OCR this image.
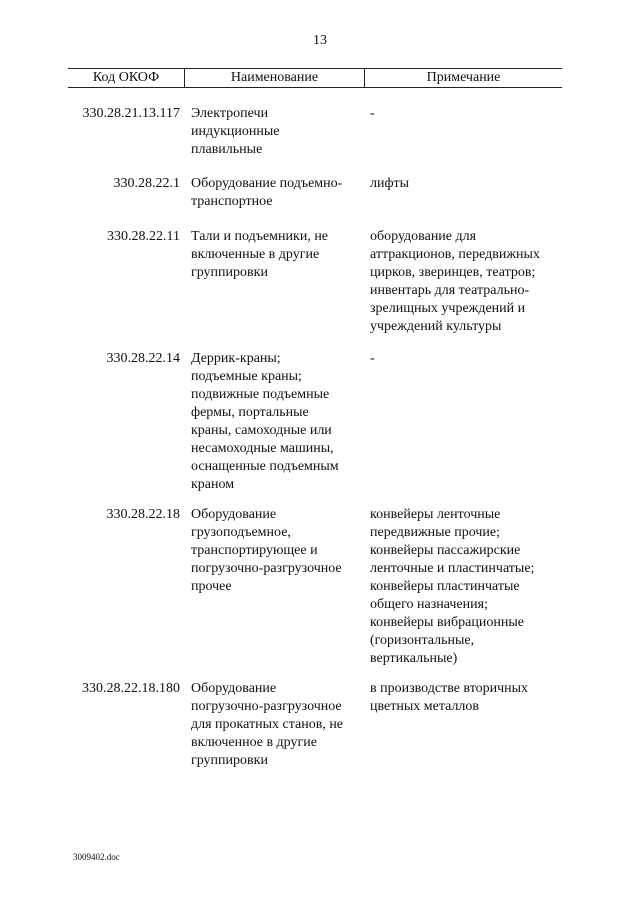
13
Код ОКОФ	Наименование	Примечание
330.28.21.13.117 Электропечи
индукционные
плавильные
-
330.28.22.1 Оборудование подъемно-
транспортное
лифты
330.28.22.11 Тали и подъемники, не
включенные в другие
группировки
оборудование для
аттракционов, передвижных
цирков, зверинцев, театров;
инвентарь для театрально-
зрелищных учреждений и
учреждений культуры
330.28.22.14 Деррик-краны;
подъемные краны;
подвижные подъемные
фермы, портальные
краны, самоходные или
несамоходные машины,
оснащенные подъемным
краном
-
330.28.22.18 Оборудование
грузоподъемное,
транспортирующее и
погрузочно-разгрузочное
прочее
конвейеры ленточные
передвижные прочие;
конвейеры пассажирские
ленточные и пластинчатые;
конвейеры пластинчатые
общего назначения;
конвейеры вибрационные
(горизонтальные,
вертикальные)
330.28.22.18.180 Оборудование
погрузочно-разгрузочное
для прокатных станов, не
включенное в другие
группировки
в производстве вторичных
цветных металлов
3009402.doc
